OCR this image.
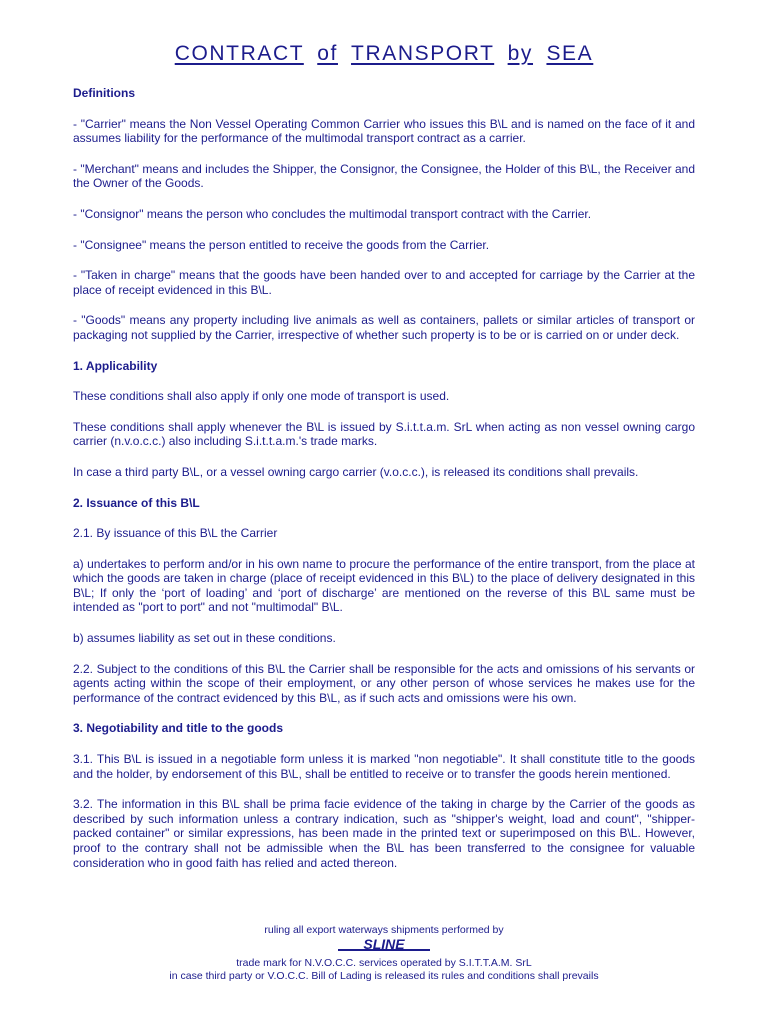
CONTRACT of TRANSPORT by SEA
Definitions

- "Carrier" means the Non Vessel Operating Common Carrier who issues this B\L and is named on the face of it and assumes liability for the performance of the multimodal transport contract as a carrier.

- "Merchant" means and includes the Shipper, the Consignor, the Consignee, the Holder of this B\L, the Receiver and the Owner of the Goods.

- "Consignor" means the person who concludes the multimodal transport contract with the Carrier.

- "Consignee" means the person entitled to receive the goods from the Carrier.

- "Taken in charge" means that the goods have been handed over to and accepted for carriage by the Carrier at the place of receipt evidenced in this B\L.

- "Goods" means any property including live animals as well as containers, pallets or similar articles of transport or packaging not supplied by the Carrier, irrespective of whether such property is to be or is carried on or under deck.

1. Applicability

These conditions shall also apply if only one mode of transport is used.

These conditions shall apply whenever the B\L is issued by S.i.t.t.a.m. SrL when acting as non vessel owning cargo carrier (n.v.o.c.c.) also including S.i.t.t.a.m.'s trade marks.

In case a third party B\L, or a vessel owning cargo carrier (v.o.c.c.), is released its conditions shall prevails.

2. Issuance of this B\L

2.1. By issuance of this B\L the Carrier

a) undertakes to perform and/or in his own name to procure the performance of the entire transport, from the place at which the goods are taken in charge (place of receipt evidenced in this B\L) to the place of delivery designated in this B\L; If only the ‘port of loading’ and ‘port of discharge’ are mentioned on the reverse of this B\L same must be intended as "port to port" and not "multimodal" B\L.

b) assumes liability as set out in these conditions.

2.2. Subject to the conditions of this B\L the Carrier shall be responsible for the acts and omissions of his servants or agents acting within the scope of their employment, or any other person of whose services he makes use for the performance of the contract evidenced by this B\L, as if such acts and omissions were his own.

3. Negotiability and title to the goods

3.1. This B\L is issued in a negotiable form unless it is marked "non negotiable". It shall constitute title to the goods and the holder, by endorsement of this B\L, shall be entitled to receive or to transfer the goods herein mentioned.

3.2. The information in this B\L shall be prima facie evidence of the taking in charge by the Carrier of the goods as described by such information unless a contrary indication, such as "shipper's weight, load and count", "shipper-packed container" or similar expressions, has been made in the printed text or superimposed on this B\L. However, proof to the contrary shall not be admissible when the B\L has been transferred to the consignee for valuable consideration who in good faith has relied and acted thereon.

ruling all export waterways shipments performed by
SLINE
trade mark for N.V.O.C.C. services operated by S.I.T.T.A.M. SrL
in case third party or V.O.C.C. Bill of Lading is released its rules and conditions shall prevails
